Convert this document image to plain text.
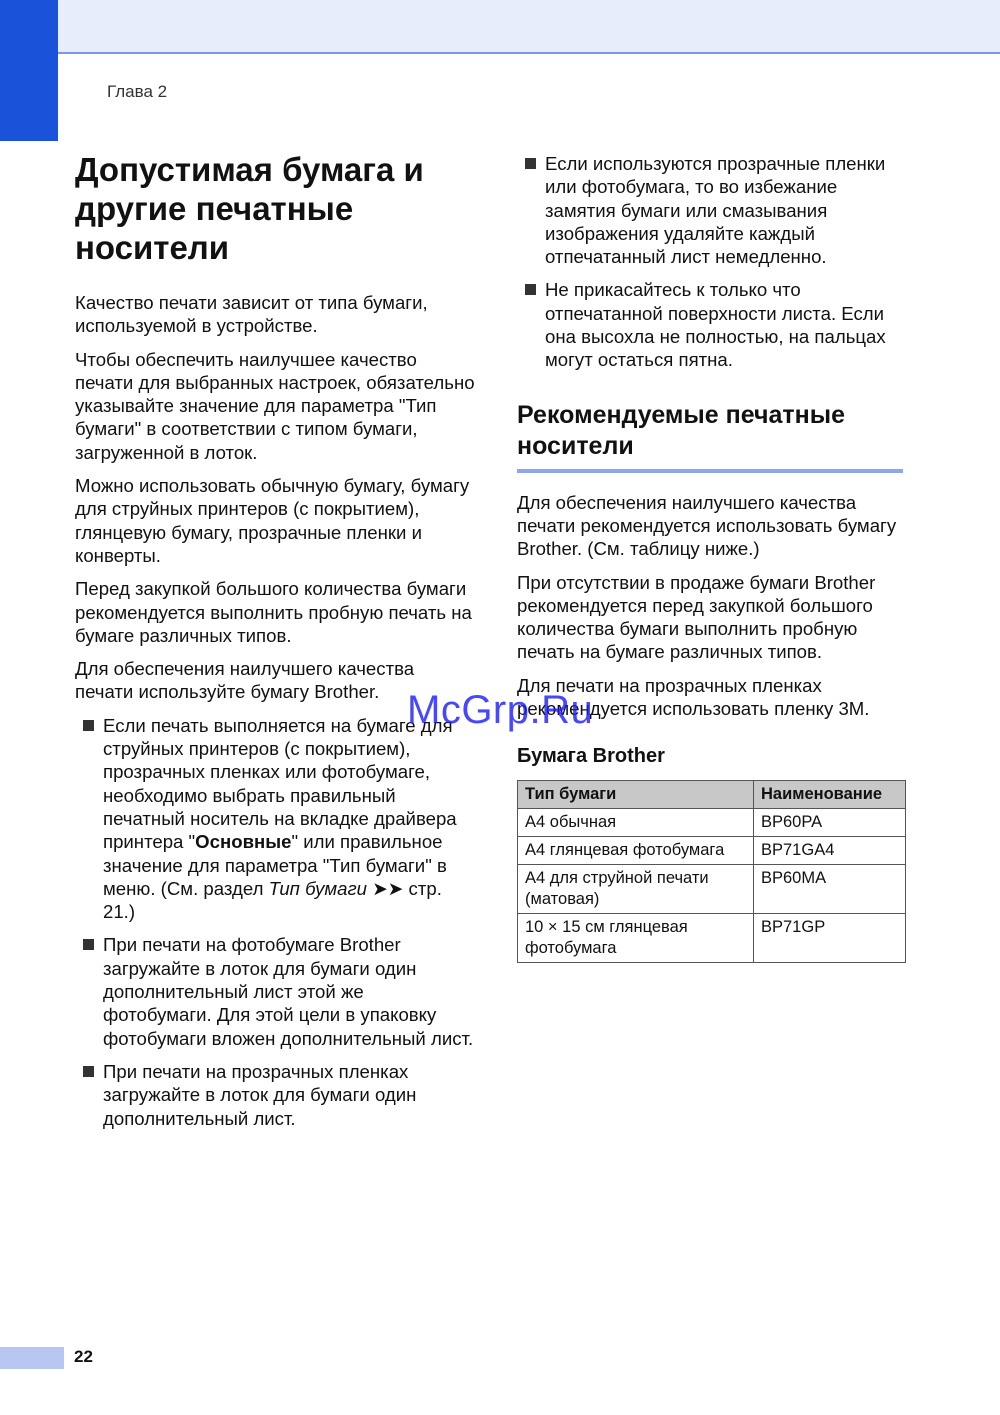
Глава 2
Допустимая бумага и другие печатные носители

Качество печати зависит от типа бумаги, используемой в устройстве.

Чтобы обеспечить наилучшее качество печати для выбранных настроек, обязательно указывайте значение для параметра "Тип бумаги" в соответствии с типом бумаги, загруженной в лоток.

Можно использовать обычную бумагу, бумагу для струйных принтеров (с покрытием), глянцевую бумагу, прозрачные пленки и конверты.

Перед закупкой большого количества бумаги рекомендуется выполнить пробную печать на бумаге различных типов.

Для обеспечения наилучшего качества печати используйте бумагу Brother.

Если печать выполняется на бумаге для струйных принтеров (с покрытием), прозрачных пленках или фотобумаге, необходимо выбрать правильный печатный носитель на вкладке драйвера принтера "Основные" или правильное значение для параметра "Тип бумаги" в меню. (См. раздел Тип бумаги ➤➤ стр. 21.)
При печати на фотобумаге Brother загружайте в лоток для бумаги один дополнительный лист этой же фотобумаги. Для этой цели в упаковку фотобумаги вложен дополнительный лист.
При печати на прозрачных пленках загружайте в лоток для бумаги один дополнительный лист.
Если используются прозрачные пленки или фотобумага, то во избежание замятия бумаги или смазывания изображения удаляйте каждый отпечатанный лист немедленно.
Не прикасайтесь к только что отпечатанной поверхности листа. Если она высохла не полностью, на пальцах могут остаться пятна.
Рекомендуемые печатные носители

Для обеспечения наилучшего качества печати рекомендуется использовать бумагу Brother. (См. таблицу ниже.)

При отсутствии в продаже бумаги Brother рекомендуется перед закупкой большого количества бумаги выполнить пробную печать на бумаге различных типов.

Для печати на прозрачных пленках рекомендуется использовать пленку 3M.

Бумага Brother
Тип бумаги	Наименование
A4 обычная	BP60PA
A4 глянцевая фотобумага	BP71GA4
A4 для струйной печати (матовая)	BP60MA
10 × 15 см глянцевая фотобумага	BP71GP
McGrp.Ru
22
